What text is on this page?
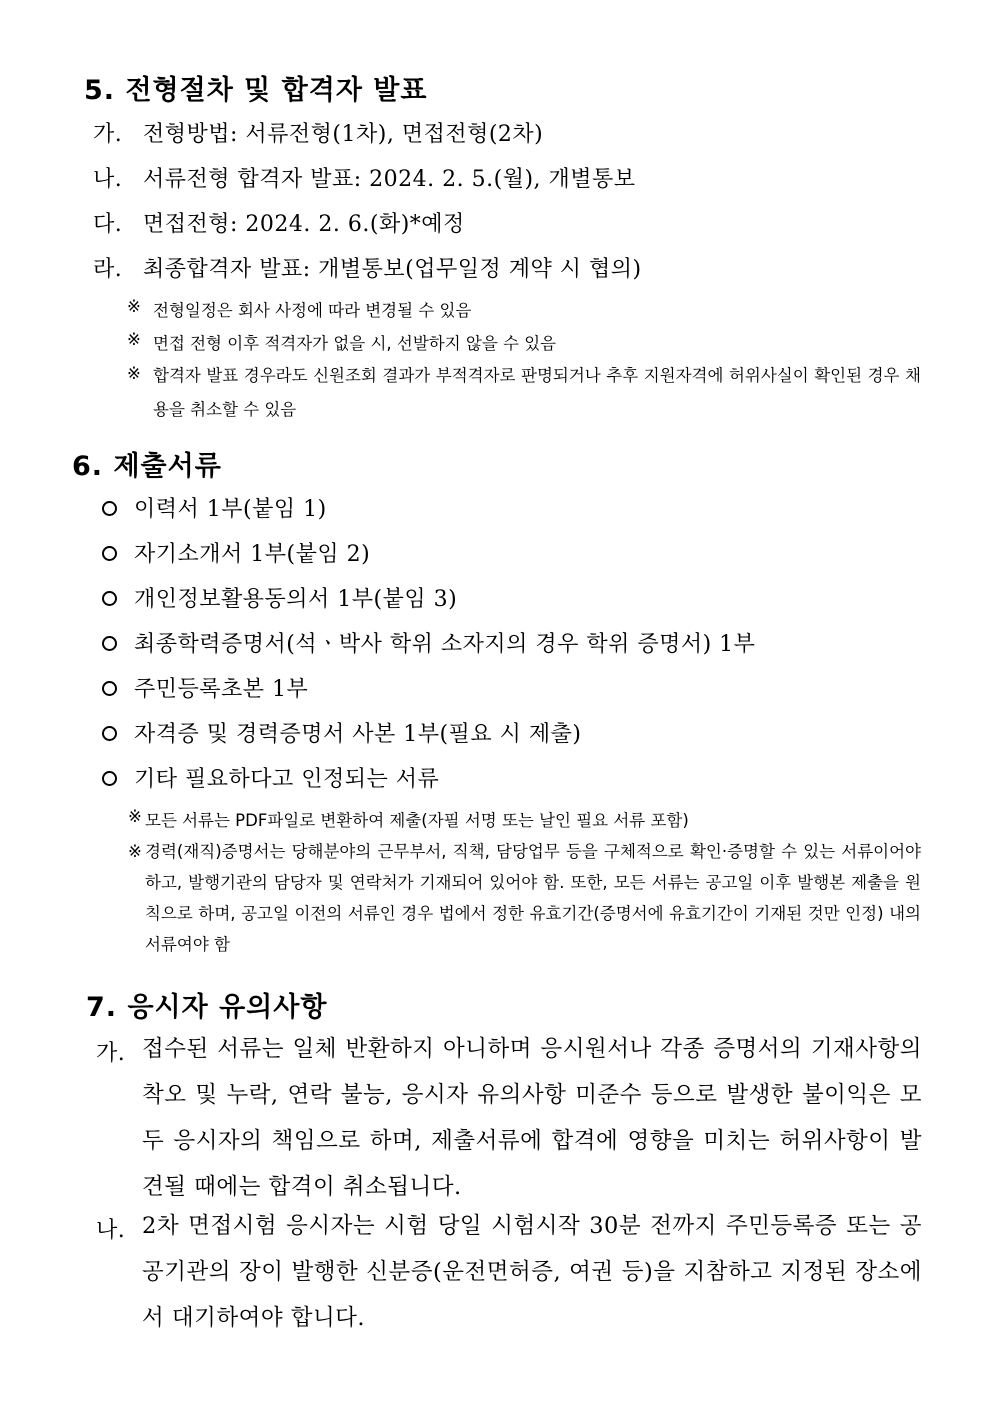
5. 전형절차 및 합격자 발표
가. 전형방법: 서류전형(1차), 면접전형(2차)
나. 서류전형 합격자 발표: 2024. 2. 5.(월), 개별통보
다. 면접전형: 2024. 2. 6.(화)*예정
라. 최종합격자 발표: 개별통보(업무일정 계약 시 협의)
※ 전형일정은 회사 사정에 따라 변경될 수 있음
※ 면접 전형 이후 적격자가 없을 시, 선발하지 않을 수 있음
※ 합격자 발표 경우라도 신원조회 결과가 부적격자로 판명되거나 추후 지원자격에 허위사실이 확인된 경우 채용을 취소할 수 있음
6. 제출서류
이력서 1부(붙임 1)
자기소개서 1부(붙임 2)
개인정보활용동의서 1부(붙임 3)
최종학력증명서(석ㆍ박사 학위 소자지의 경우 학위 증명서) 1부
주민등록초본 1부
자격증 및 경력증명서 사본 1부(필요 시 제출)
기타 필요하다고 인정되는 서류
※ 모든 서류는 PDF파일로 변환하여 제출(자필 서명 또는 날인 필요 서류 포함)
※ 경력(재직)증명서는 당해분야의 근무부서, 직책, 담당업무 등을 구체적으로 확인·증명할 수 있는 서류이어야 하고, 발행기관의 담당자 및 연락처가 기재되어 있어야 함. 또한, 모든 서류는 공고일 이후 발행본 제출을 원칙으로 하며, 공고일 이전의 서류인 경우 법에서 정한 유효기간(증명서에 유효기간이 기재된 것만 인정) 내의 서류여야 함
7. 응시자 유의사항
가. 접수된 서류는 일체 반환하지 아니하며 응시원서나 각종 증명서의 기재사항의 착오 및 누락, 연락 불능, 응시자 유의사항 미준수 등으로 발생한 불이익은 모두 응시자의 책임으로 하며, 제출서류에 합격에 영향을 미치는 허위사항이 발견될 때에는 합격이 취소됩니다.
나. 2차 면접시험 응시자는 시험 당일 시험시작 30분 전까지 주민등록증 또는 공공기관의 장이 발행한 신분증(운전면허증, 여권 등)을 지참하고 지정된 장소에서 대기하여야 합니다.
